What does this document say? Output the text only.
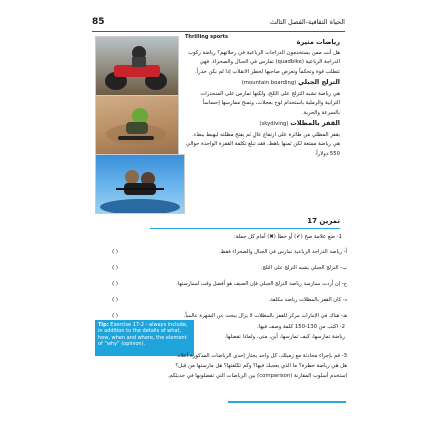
85	الحياة الثقافية-الفصل الثالث
Thrilling sports

رياضات مثيرة

هل أنت ممن يستخدمون الدراجات الرباعية في رحلاتهم؟ رياضة ركوب الدراجة الرباعية (quadbike) تمارس في الجبال والصحراء. فهي تتطلب قوة وتحكماً وتعرض صاحبها لخطر الانقلاب إذا لم يكن حذراً.

التزلج الجبلي (mountain boarding)

هي رياضة تشبه التزلج على الثلج، ولكنها تمارس على المنحدرات الترابية والرملية باستخدام لوح بعجلات، وتمنح ممارسها إحساساً بالسرعة والحرية.

القفز بالمظلات (skydiving)

يقفز المظلي من طائرة على ارتفاع عالٍ ثم يفتح مظلته ليهبط ببطء. هي رياضة ممتعة لكن ثمنها باهظ، فقد تبلغ تكلفة القفزة الواحدة حوالي 550 دولاراً.

تمرين 17
1- ضع علامة صح (✔) أو خطأ (✖) أمام كل جملة:
( )	أ- رياضة الدراجة الرباعية تمارس في الجبال والصحراء فقط.
( )	ب- التزلج الجبلي يشبه التزلج على الثلج.
( )	ج- إن أردت ممارسة رياضة التزلج الجبلي فإن الصيف هو أفضل وقت لممارستها.
( )	د- كان القفز بالمظلات رياضة مكلفة.
( )	هـ- هناك في الإمارات مركز للقفز بالمظلات لا يزال يبحث عن الشهرة عالمياً.
Tip: Exercise 17-2 - always include, in addition to the details of what, how, when and where, the element of “why” (opinion).

2- اكتب من 130-150 كلمة وصف فيها:

رياضة تمارسها، كيف تمارسها، أين، متى، ولماذا تفضلها.

3- قم بإجراء محادثة مع زميلك، كل واحد يختار إحدى الرياضات المذكورة أعلاه.

هل هي رياضة خطرة؟ ما الذي يعجبك فيها؟ وكم تكلفتها؟ هل مارستها من قبل؟

استخدم أسلوب المقارنة (comparison) بين الرياضات التي تفضلونها في حديثكم.
